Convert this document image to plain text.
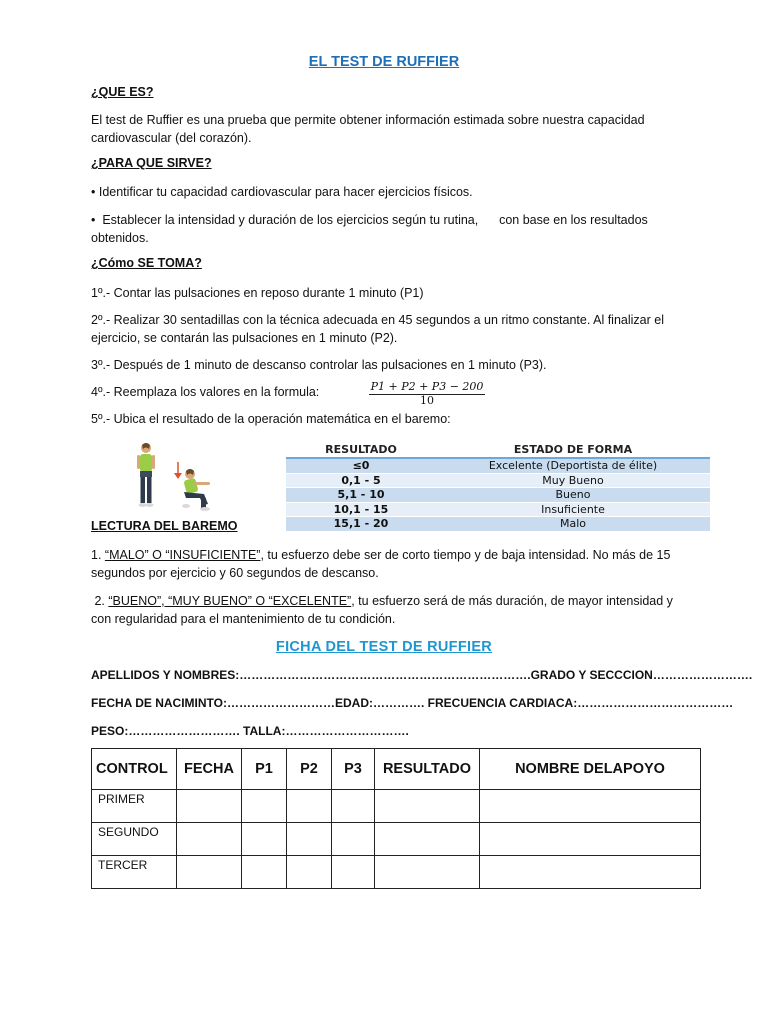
EL TEST DE RUFFIER
¿QUE ES?
El test de Ruffier es una prueba que permite obtener información estimada sobre nuestra capacidad
cardiovascular (del corazón).
¿PARA QUE SIRVE?
• Identificar tu capacidad cardiovascular para hacer ejercicios físicos.
•  Establecer la intensidad y duración de los ejercicios según tu rutina,      con base en los resultados
obtenidos.
¿Cómo SE TOMA?
1º.- Contar las pulsaciones en reposo durante 1 minuto (P1)
2º.- Realizar 30 sentadillas con la técnica adecuada en 45 segundos a un ritmo constante. Al finalizar el
ejercicio, se contarán las pulsaciones en 1 minuto (P2).
3º.- Después de 1 minuto de descanso controlar las pulsaciones en 1 minuto (P3).
4º.- Reemplaza los valores en la formula:
5º.- Ubica el resultado de la operación matemática en el baremo:
P1 + P2 + P3 − 200
10
RESULTADO	ESTADO DE FORMA
≤0	Excelente (Deportista de élite)
0,1 - 5	Muy Bueno
5,1 - 10	Bueno
10,1 - 15	Insuficiente
15,1 - 20	Malo
LECTURA DEL BAREMO
1. “MALO” O “INSUFICIENTE”, tu esfuerzo debe ser de corto tiempo y de baja intensidad. No más de 15
segundos por ejercicio y 60 segundos de descanso.
2. “BUENO”, “MUY BUENO” O “EXCELENTE”, tu esfuerzo será de más duración, de mayor intensidad y
con regularidad para el mantenimiento de tu condición.
FICHA DEL TEST DE RUFFIER
APELLIDOS Y NOMBRES:……………………………………………………………….GRADO Y SECCCION…………………….
FECHA DE NACIMINTO:………………………EDAD:…………. FRECUENCIA CARDIACA:…………………………………
PESO:………………………. TALLA:………………………….
CONTROL	FECHA	P1	P2	P3	RESULTADO	NOMBRE DELAPOYO
PRIMER						
SEGUNDO						
TERCER						
